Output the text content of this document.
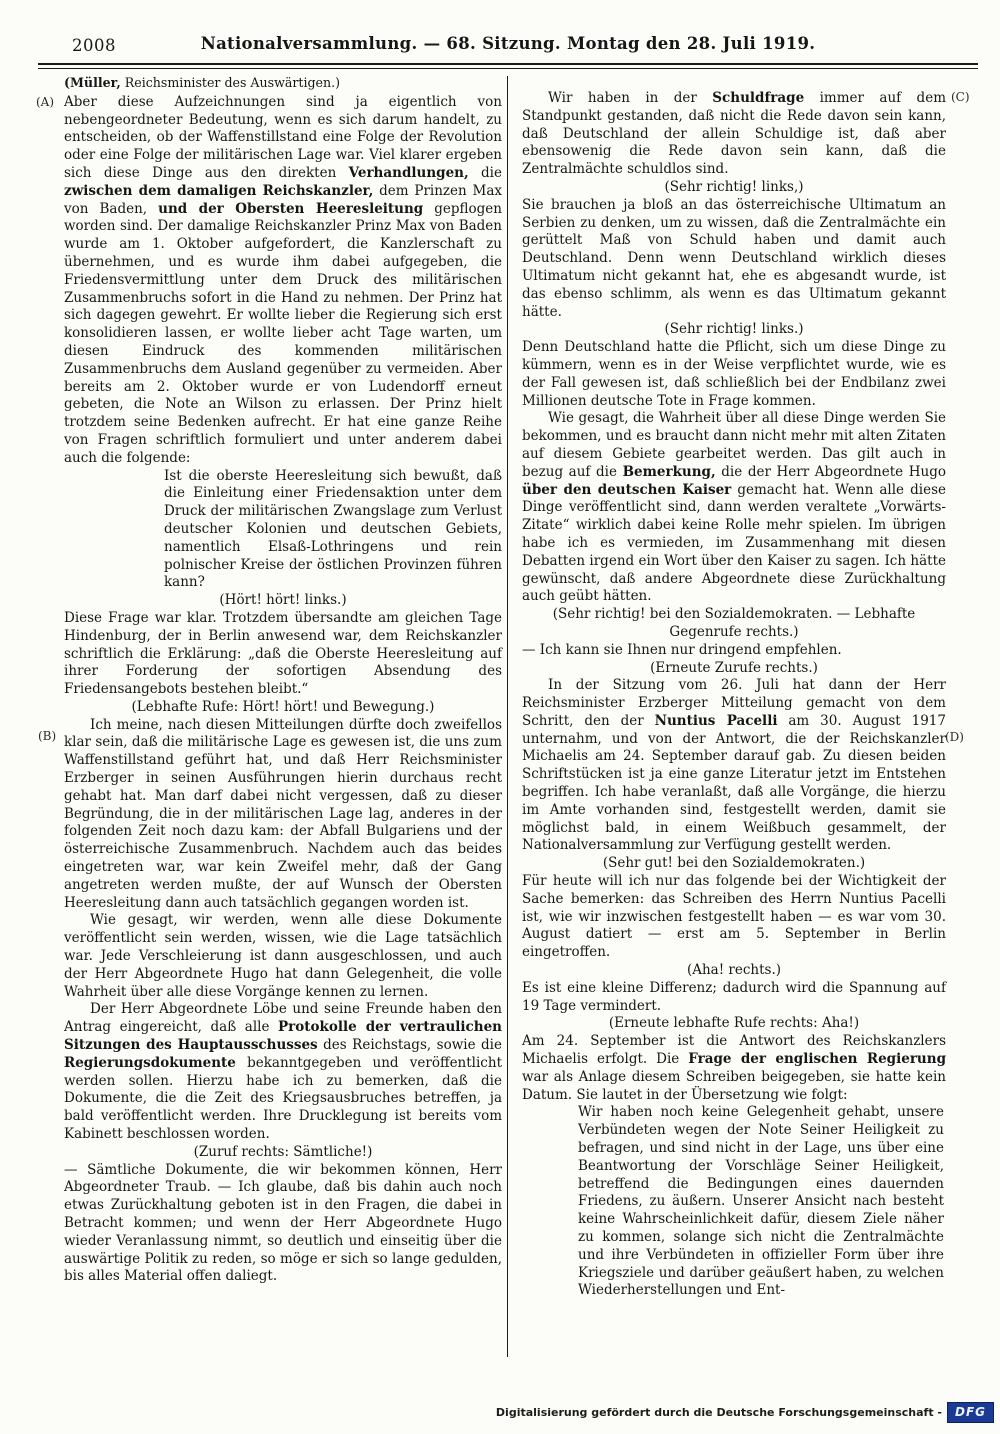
2008	Nationalversammlung. — 68. Sitzung. Montag den 28. Juli 1919.
(A)
(B)
(C)
(D)

(Müller, Reichsminister des Auswärtigen.)

Aber diese Aufzeichnungen sind ja eigentlich von nebengeordneter Bedeutung, wenn es sich darum handelt, zu entscheiden, ob der Waffenstillstand eine Folge der Revolution oder eine Folge der militärischen Lage war. Viel klarer ergeben sich diese Dinge aus den direkten Verhandlungen, die zwischen dem damaligen Reichskanzler, dem Prinzen Max von Baden, und der Obersten Heeresleitung gepflogen worden sind. Der damalige Reichskanzler Prinz Max von Baden wurde am 1. Oktober aufgefordert, die Kanzlerschaft zu übernehmen, und es wurde ihm dabei aufgegeben, die Friedensvermittlung unter dem Druck des militärischen Zusammenbruchs sofort in die Hand zu nehmen. Der Prinz hat sich dagegen gewehrt. Er wollte lieber die Regierung sich erst konsolidieren lassen, er wollte lieber acht Tage warten, um diesen Eindruck des kommenden militärischen Zusammenbruchs dem Ausland gegenüber zu vermeiden. Aber bereits am 2. Oktober wurde er von Ludendorff erneut gebeten, die Note an Wilson zu erlassen. Der Prinz hielt trotzdem seine Bedenken aufrecht. Er hat eine ganze Reihe von Fragen schriftlich formuliert und unter anderem dabei auch die folgende:

Ist die oberste Heeresleitung sich bewußt, daß die Einleitung einer Friedensaktion unter dem Druck der militärischen Zwangslage zum Verlust deutscher Kolonien und deutschen Gebiets, namentlich Elsaß-Lothringens und rein polnischer Kreise der östlichen Provinzen führen kann?

(Hört! hört! links.)

Diese Frage war klar. Trotzdem übersandte am gleichen Tage Hindenburg, der in Berlin anwesend war, dem Reichskanzler schriftlich die Erklärung: „daß die Oberste Heeresleitung auf ihrer Forderung der sofortigen Absendung des Friedensangebots bestehen bleibt.“

(Lebhafte Rufe: Hört! hört! und Bewegung.)

Ich meine, nach diesen Mitteilungen dürfte doch zweifellos klar sein, daß die militärische Lage es gewesen ist, die uns zum Waffenstillstand geführt hat, und daß Herr Reichsminister Erzberger in seinen Ausführungen hierin durchaus recht gehabt hat. Man darf dabei nicht vergessen, daß zu dieser Begründung, die in der militärischen Lage lag, anderes in der folgenden Zeit noch dazu kam: der Abfall Bulgariens und der österreichische Zusammenbruch. Nachdem auch das beides eingetreten war, war kein Zweifel mehr, daß der Gang angetreten werden mußte, der auf Wunsch der Obersten Heeresleitung dann auch tatsächlich gegangen worden ist.

Wie gesagt, wir werden, wenn alle diese Dokumente veröffentlicht sein werden, wissen, wie die Lage tatsächlich war. Jede Verschleierung ist dann ausgeschlossen, und auch der Herr Abgeordnete Hugo hat dann Gelegenheit, die volle Wahrheit über alle diese Vorgänge kennen zu lernen.

Der Herr Abgeordnete Löbe und seine Freunde haben den Antrag eingereicht, daß alle Protokolle der vertraulichen Sitzungen des Hauptausschusses des Reichstags, sowie die Regierungsdokumente bekanntgegeben und veröffentlicht werden sollen. Hierzu habe ich zu bemerken, daß die Dokumente, die die Zeit des Kriegsausbruches betreffen, ja bald veröffentlicht werden. Ihre Drucklegung ist bereits vom Kabinett beschlossen worden.

(Zuruf rechts: Sämtliche!)

— Sämtliche Dokumente, die wir bekommen können, Herr Abgeordneter Traub. — Ich glaube, daß bis dahin auch noch etwas Zurückhaltung geboten ist in den Fragen, die dabei in Betracht kommen; und wenn der Herr Abgeordnete Hugo wieder Veranlassung nimmt, so deutlich und einseitig über die auswärtige Politik zu reden, so möge er sich so lange gedulden, bis alles Material offen daliegt.

Wir haben in der Schuldfrage immer auf dem Standpunkt gestanden, daß nicht die Rede davon sein kann, daß Deutschland der allein Schuldige ist, daß aber ebensowenig die Rede davon sein kann, daß die Zentralmächte schuldlos sind.

(Sehr richtig! links,)

Sie brauchen ja bloß an das österreichische Ultimatum an Serbien zu denken, um zu wissen, daß die Zentralmächte ein gerüttelt Maß von Schuld haben und damit auch Deutschland. Denn wenn Deutschland wirklich dieses Ultimatum nicht gekannt hat, ehe es abgesandt wurde, ist das ebenso schlimm, als wenn es das Ultimatum gekannt hätte.

(Sehr richtig! links.)

Denn Deutschland hatte die Pflicht, sich um diese Dinge zu kümmern, wenn es in der Weise verpflichtet wurde, wie es der Fall gewesen ist, daß schließlich bei der Endbilanz zwei Millionen deutsche Tote in Frage kommen.

Wie gesagt, die Wahrheit über all diese Dinge werden Sie bekommen, und es braucht dann nicht mehr mit alten Zitaten auf diesem Gebiete gearbeitet werden. Das gilt auch in bezug auf die Bemerkung, die der Herr Abgeordnete Hugo über den deutschen Kaiser gemacht hat. Wenn alle diese Dinge veröffentlicht sind, dann werden veraltete „Vorwärts-Zitate“ wirklich dabei keine Rolle mehr spielen. Im übrigen habe ich es vermieden, im Zusammenhang mit diesen Debatten irgend ein Wort über den Kaiser zu sagen. Ich hätte gewünscht, daß andere Abgeordnete diese Zurückhaltung auch geübt hätten.

(Sehr richtig! bei den Sozialdemokraten. — Lebhafte Gegenrufe rechts.)

— Ich kann sie Ihnen nur dringend empfehlen.

(Erneute Zurufe rechts.)

In der Sitzung vom 26. Juli hat dann der Herr Reichsminister Erzberger Mitteilung gemacht von dem Schritt, den der Nuntius Pacelli am 30. August 1917 unternahm, und von der Antwort, die der Reichskanzler Michaelis am 24. September darauf gab. Zu diesen beiden Schriftstücken ist ja eine ganze Literatur jetzt im Entstehen begriffen. Ich habe veranlaßt, daß alle Vorgänge, die hierzu im Amte vorhanden sind, festgestellt werden, damit sie möglichst bald, in einem Weißbuch gesammelt, der Nationalversammlung zur Verfügung gestellt werden.

(Sehr gut! bei den Sozialdemokraten.)

Für heute will ich nur das folgende bei der Wichtigkeit der Sache bemerken: das Schreiben des Herrn Nuntius Pacelli ist, wie wir inzwischen festgestellt haben — es war vom 30. August datiert — erst am 5. September in Berlin eingetroffen.

(Aha! rechts.)

Es ist eine kleine Differenz; dadurch wird die Spannung auf 19 Tage vermindert.

(Erneute lebhafte Rufe rechts: Aha!)

Am 24. September ist die Antwort des Reichskanzlers Michaelis erfolgt. Die Frage der englischen Regierung war als Anlage diesem Schreiben beigegeben, sie hatte kein Datum. Sie lautet in der Übersetzung wie folgt:

Wir haben noch keine Gelegenheit gehabt, unsere Verbündeten wegen der Note Seiner Heiligkeit zu befragen, und sind nicht in der Lage, uns über eine Beantwortung der Vorschläge Seiner Heiligkeit, betreffend die Bedingungen eines dauernden Friedens, zu äußern. Unserer Ansicht nach besteht keine Wahrscheinlichkeit dafür, diesem Ziele näher zu kommen, solange sich nicht die Zentralmächte und ihre Verbündeten in offizieller Form über ihre Kriegsziele und darüber geäußert haben, zu welchen Wiederherstellungen und Ent-

Digitalisierung gefördert durch die Deutsche Forschungsgemeinschaft -	DFG
